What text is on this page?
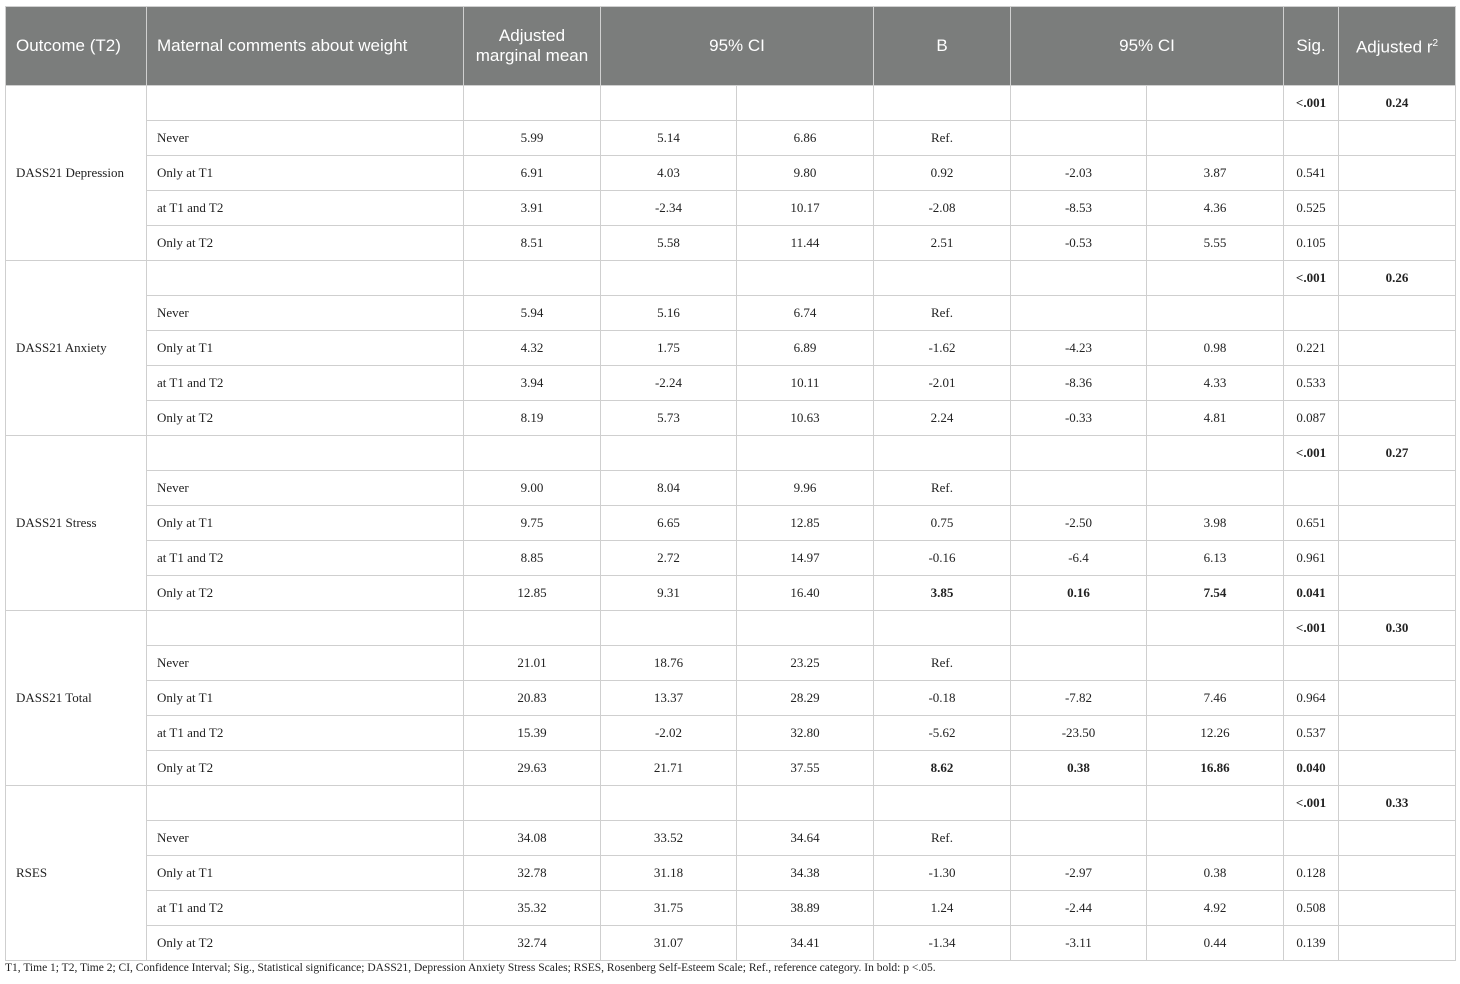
Outcome (T2)	Maternal comments about weight	Adjusted marginal mean	95% CI		B	95% CI		Sig.	Adjusted $r^2$
DASS21 Depression								<.001	0.24
	Never	5.99	5.14	6.86	Ref.				
	Only at T1	6.91	4.03	9.80	0.92	-2.03	3.87	0.541	
	at T1 and T2	3.91	-2.34	10.17	-2.08	-8.53	4.36	0.525	
	Only at T2	8.51	5.58	11.44	2.51	-0.53	5.55	0.105	
DASS21 Anxiety								<.001	0.26
	Never	5.94	5.16	6.74	Ref.				
	Only at T1	4.32	1.75	6.89	-1.62	-4.23	0.98	0.221	
	at T1 and T2	3.94	-2.24	10.11	-2.01	-8.36	4.33	0.533	
	Only at T2	8.19	5.73	10.63	2.24	-0.33	4.81	0.087	
DASS21 Stress								<.001	0.27
	Never	9.00	8.04	9.96	Ref.				
	Only at T1	9.75	6.65	12.85	0.75	-2.50	3.98	0.651	
	at T1 and T2	8.85	2.72	14.97	-0.16	-6.4	6.13	0.961	
	Only at T2	12.85	9.31	16.40	3.85	0.16	7.54	0.041	
DASS21 Total								<.001	0.30
	Never	21.01	18.76	23.25	Ref.				
	Only at T1	20.83	13.37	28.29	-0.18	-7.82	7.46	0.964	
	at T1 and T2	15.39	-2.02	32.80	-5.62	-23.50	12.26	0.537	
	Only at T2	29.63	21.71	37.55	8.62	0.38	16.86	0.040	
RSES								<.001	0.33
	Never	34.08	33.52	34.64	Ref.				
	Only at T1	32.78	31.18	34.38	-1.30	-2.97	0.38	0.128	
	at T1 and T2	35.32	31.75	38.89	1.24	-2.44	4.92	0.508	
	Only at T2	32.74	31.07	34.41	-1.34	-3.11	0.44	0.139	
T1, Time 1; T2, Time 2; CI, Confidence Interval; Sig., Statistical significance; DASS21, Depression Anxiety Stress Scales; RSES, Rosenberg Self-Esteem Scale; Ref., reference category. In bold: p <.05.
